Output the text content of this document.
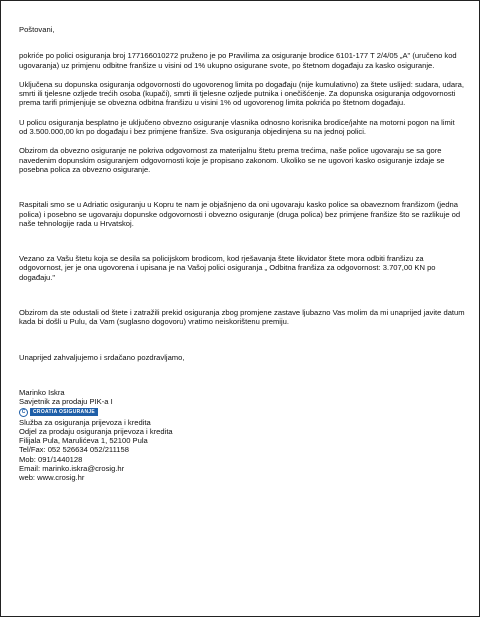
Poštovani,
pokriće po polici osiguranja broj 177166010272 pruženo je po Pravilima za osiguranje brodice 6101-177 T 2/4/05 „A" (uručeno kod ugovaranja) uz primjenu odbitne franšize u visini od 1% ukupno osigurane svote, po štetnom događaju za kasko osiguranje.
Uključena su dopunska osiguranja odgovornosti do ugovorenog limita po događaju (nije kumulativno) za štete uslijed: sudara, udara, smrti ili tjelesne ozljede trećih osoba (kupači), smrti ili tjelesne ozljede putnika i onečišćenje. Za dopunska osiguranja odgovornosti prema tarifi primjenjuje se obvezna odbitna franšizu u visini 1% od ugovorenog limita pokrića po štetnom događaju.
U policu osiguranja besplatno je uključeno obvezno osiguranje vlasnika odnosno korisnika brodice/jahte na motorni pogon na limit od 3.500.000,00 kn po događaju i bez primjene franšize. Sva osiguranja objedinjena su na jednoj polici.
Obzirom da obvezno osiguranje ne pokriva odgovornost za materijalnu štetu prema trećima, naše police ugovaraju se sa gore navedenim dopunskim osiguranjem odgovornosti koje je propisano zakonom. Ukoliko se ne ugovori kasko osiguranje izdaje se posebna polica za obvezno osiguranje.
Raspitali smo se u Adriatic osiguranju u Kopru te nam je objašnjeno da oni ugovaraju kasko police sa obaveznom franšizom (jedna polica) i posebno se ugovaraju dopunske odgovornosti i obvezno osiguranje (druga polica) bez primjene franšize što se razlikuje od naše tehnologije rada u Hrvatskoj.
Vezano za Vašu štetu koja se desila sa policijskom brodicom, kod rješavanja štete likvidator štete mora odbiti franšizu za odgovornost, jer je ona ugovorena i upisana je na Vašoj polici osiguranja „ Odbitna franšiza za odgovornost: 3.707,00 KN po događaju."
Obzirom da ste odustali od štete i zatražili prekid osiguranja zbog promjene zastave ljubazno Vas molim da mi unaprijed javite datum kada bi došli u Pulu, da Vam (suglasno dogovoru) vratimo neiskorištenu premiju.
Unaprijed zahvaljujemo i srdačano pozdravljamo,
Marinko Iskra
Savjetnik za prodaju PIK-a I
C	CROATIA OSIGURANJE
Služba za osiguranja prijevoza i kredita
Odjel za prodaju osiguranja prijevoza i kredita
Filijala Pula, Marulićeva 1, 52100 Pula
Tel/Fax: 052 526634 052/211158
Mob: 091/1440128
Email: marinko.iskra@crosig.hr
web: www.crosig.hr
